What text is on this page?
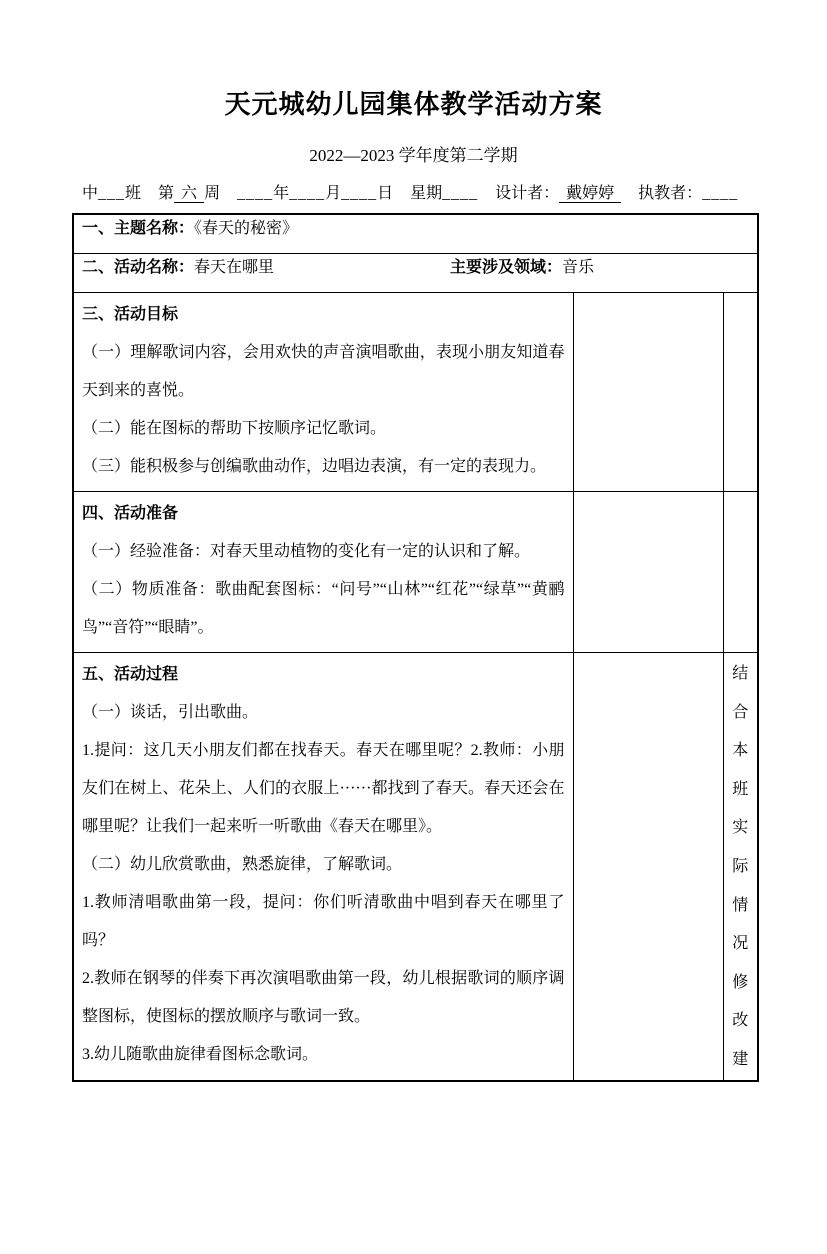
天元城幼儿园集体教学活动方案
2022—2023 学年度第二学期
中___班 第 六 周 ____年____月____日 星期____ 设计者： 戴婷婷 执教者：____
一、主题名称：《春天的秘密》		
二、活动名称：春天在哪里 主要涉及领域：音乐		

三、活动目标

（一）理解歌词内容，会用欢快的声音演唱歌曲，表现小朋友知道春天到来的喜悦。

（二）能在图标的帮助下按顺序记忆歌词。

（三）能积极参与创编歌曲动作，边唱边表演，有一定的表现力。		

四、活动准备

（一）经验准备：对春天里动植物的变化有一定的认识和了解。

（二）物质准备：歌曲配套图标：“问号”“山林”“红花”“绿草”“黄鹂鸟”“音符”“眼睛”。		

五、活动过程

（一）谈话，引出歌曲。

1.提问：这几天小朋友们都在找春天。春天在哪里呢？2.教师：小朋友们在树上、花朵上、人们的衣服上······都找到了春天。春天还会在哪里呢？让我们一起来听一听歌曲《春天在哪里》。

（二）幼儿欣赏歌曲，熟悉旋律，了解歌词。

1.教师清唱歌曲第一段，提问：你们听清歌曲中唱到春天在哪里了吗？

2.教师在钢琴的伴奏下再次演唱歌曲第一段，幼儿根据歌词的顺序调整图标，使图标的摆放顺序与歌词一致。

3.幼儿随歌曲旋律看图标念歌词。

结合本班实际情况修改建
